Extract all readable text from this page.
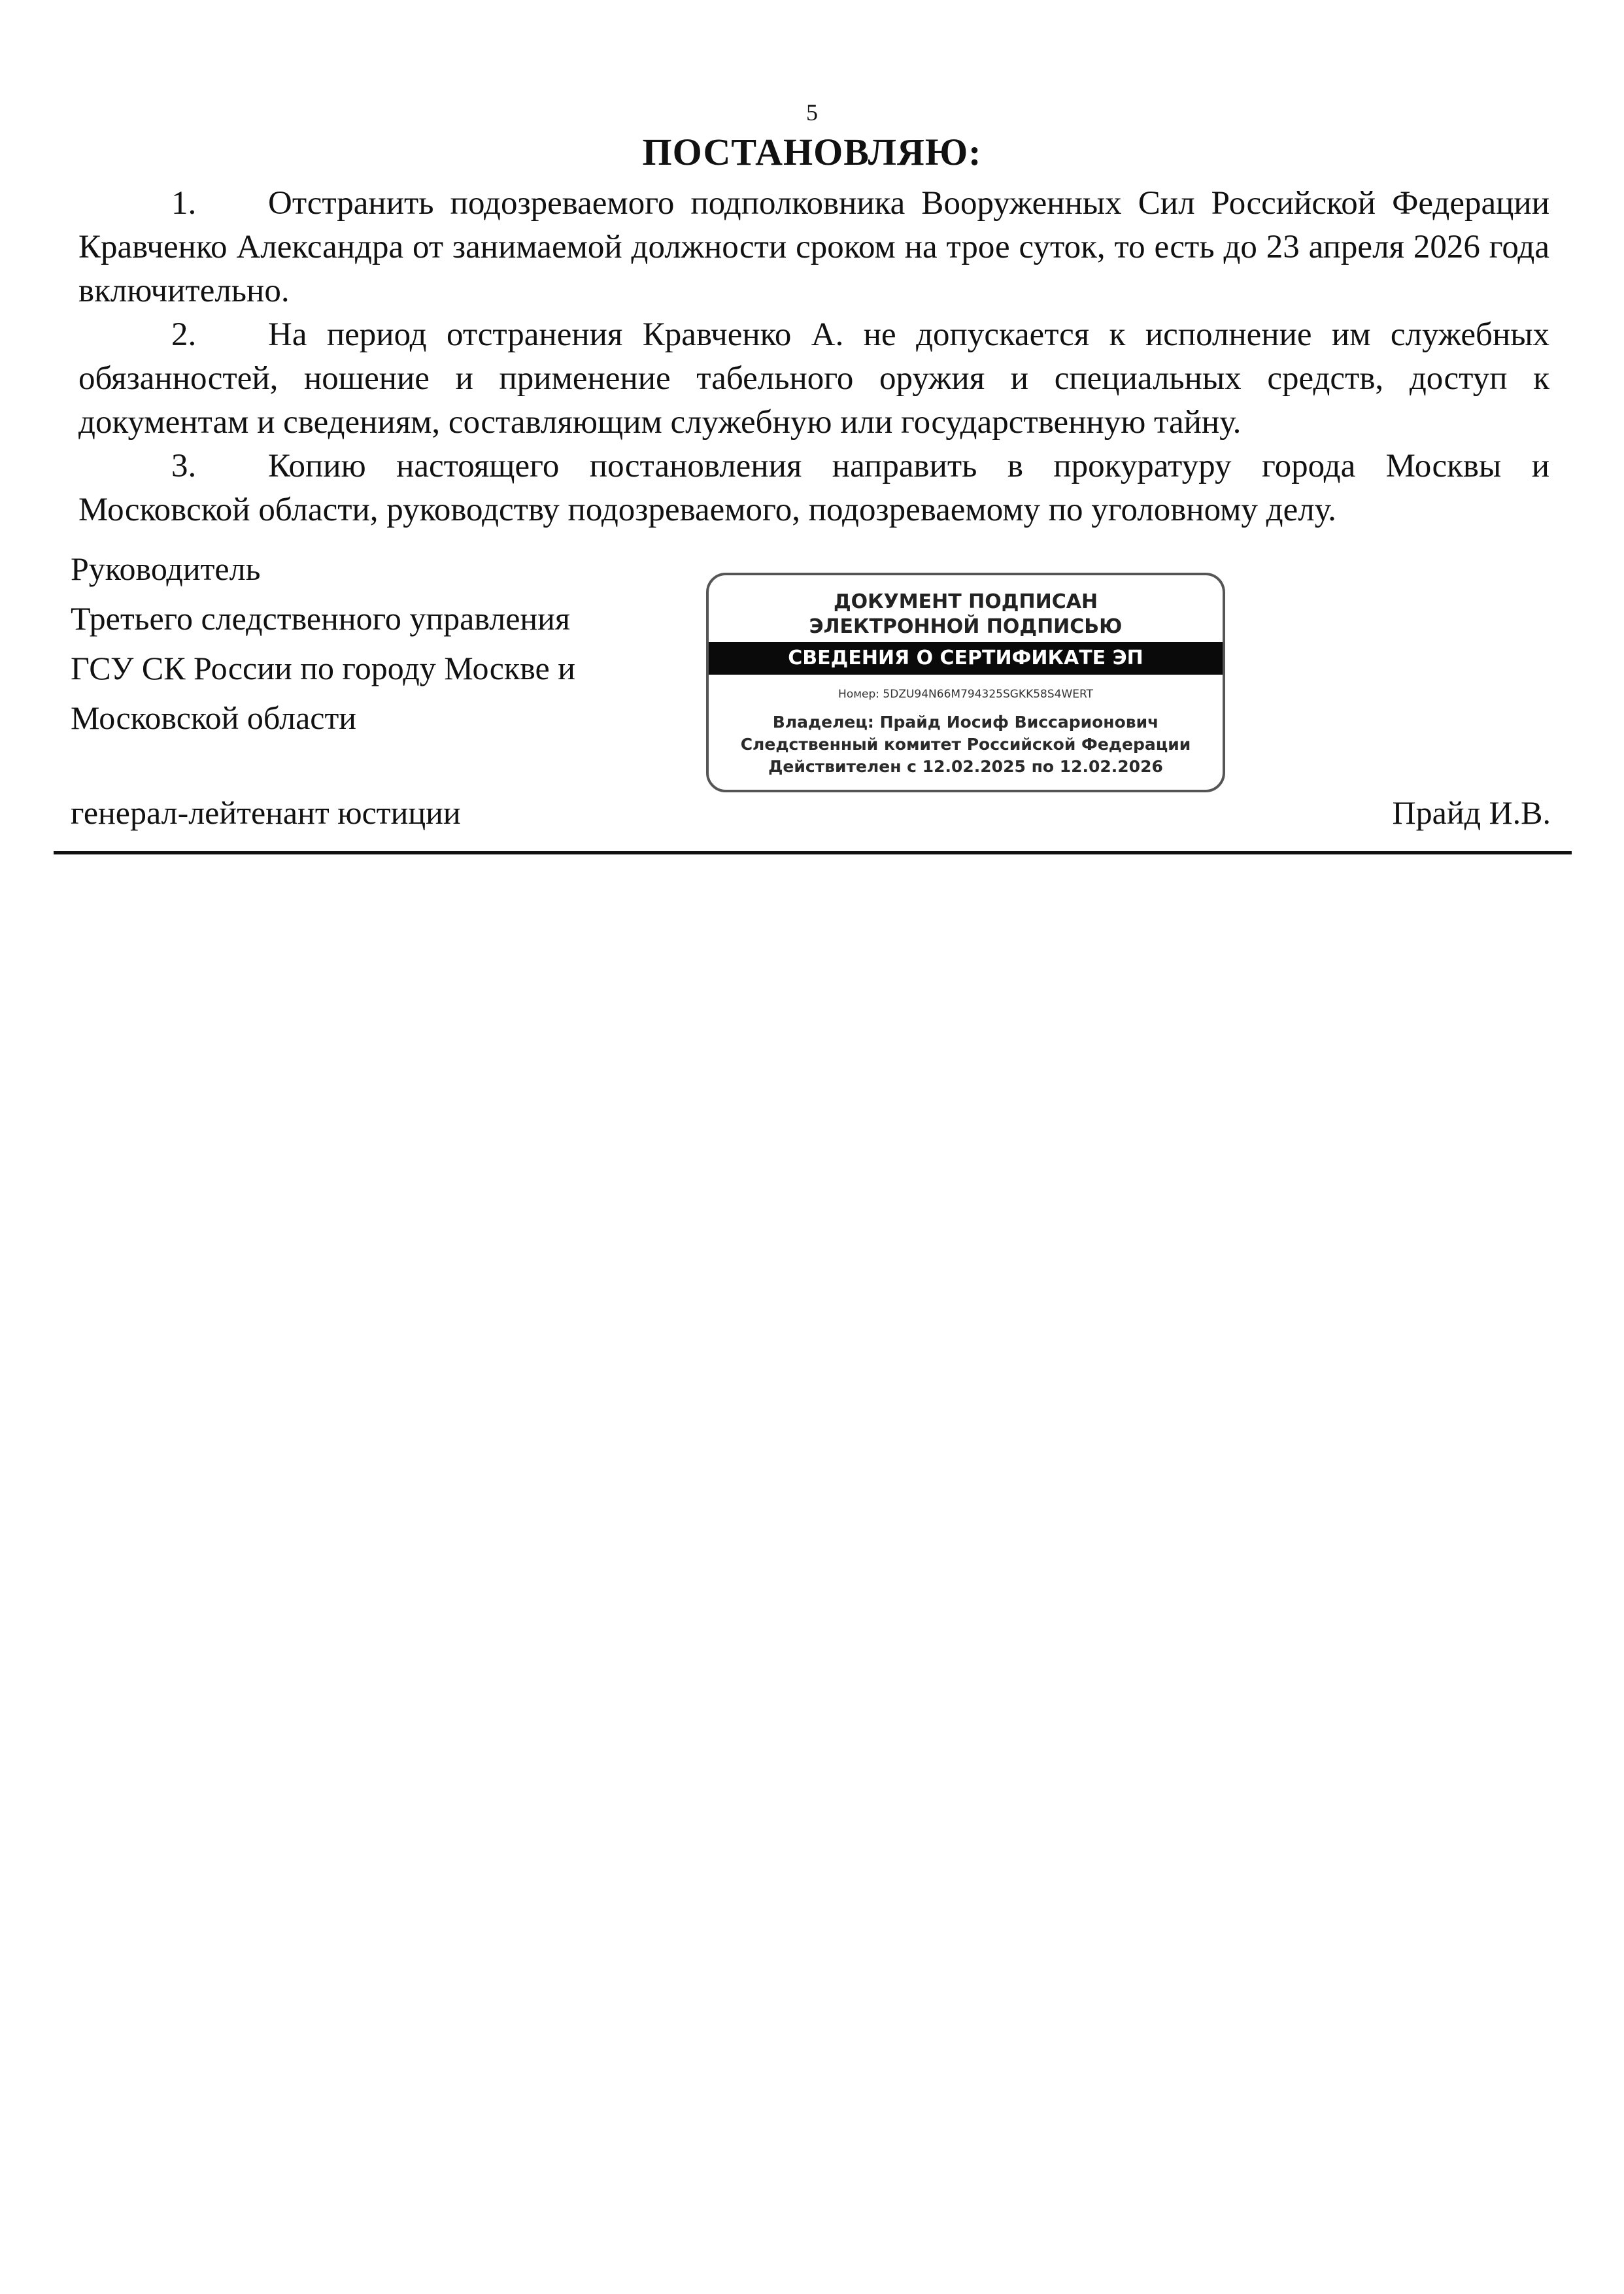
5
ПОСТАНОВЛЯЮ:

1. Отстранить подозреваемого подполковника Вооруженных Сил Российской Федерации Кравченко Александра от занимаемой должности сроком на трое суток, то есть до 23 апреля 2026 года включительно.

2. На период отстранения Кравченко А. не допускается к исполнение им служебных обязанностей, ношение и применение табельного оружия и специальных средств, доступ к документам и сведениям, составляющим служебную или государственную тайну.

3. Копию настоящего постановления направить в прокуратуру города Москвы и Московской области, руководству подозреваемого, подозреваемому по уголовному делу.

Руководитель
Третьего следственного управления
ГСУ СК России по городу Москве и
Московской области
ДОКУМЕНТ ПОДПИСАН
ЭЛЕКТРОННОЙ ПОДПИСЬЮ
СВЕДЕНИЯ О СЕРТИФИКАТЕ ЭП
Номер: 5DZU94N66M794325SGKK58S4WERT
Владелец: Прайд Иосиф Виссарионович
Следственный комитет Российской Федерации
Действителен с 12.02.2025 по 12.02.2026
генерал-лейтенант юстиции	Прайд И.В.
